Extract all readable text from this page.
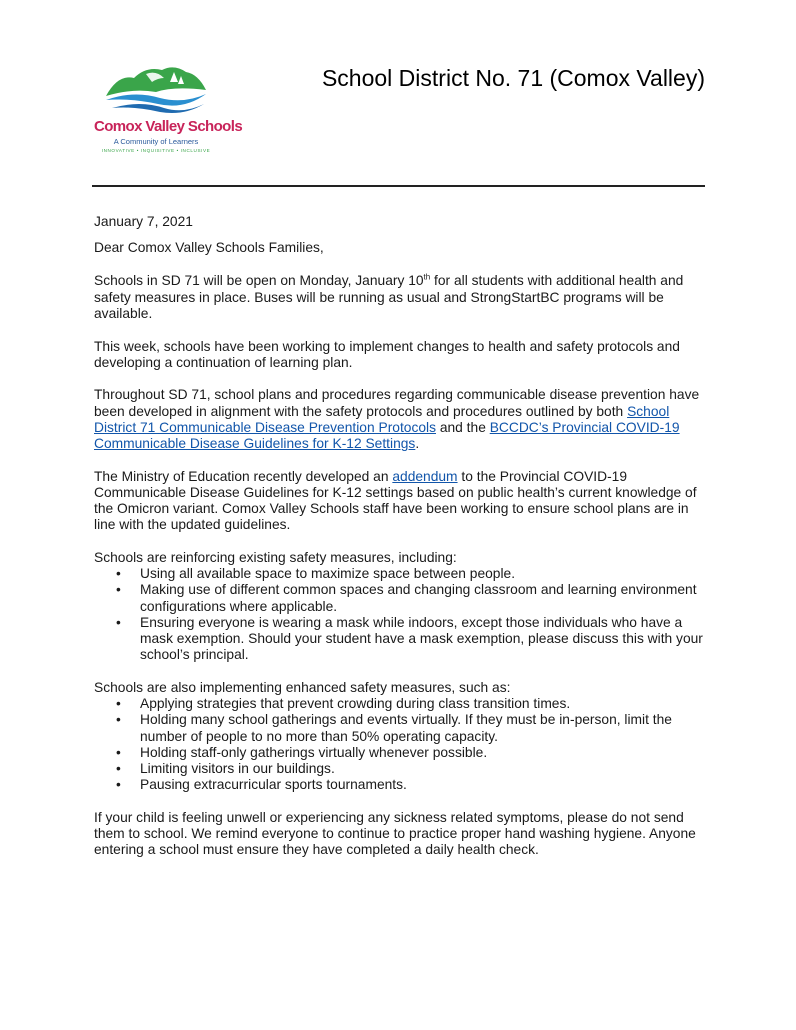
Comox Valley Schools
A Community of Learners
INNOVATIVE • INQUISITIVE • INCLUSIVE
School District No. 71 (Comox Valley)

January 7, 2021

Dear Comox Valley Schools Families,

Schools in SD 71 will be open on Monday, January 10th for all students with additional health and safety measures in place. Buses will be running as usual and StrongStartBC programs will be available.

This week, schools have been working to implement changes to health and safety protocols and developing a continuation of learning plan.

Throughout SD 71, school plans and procedures regarding communicable disease prevention have been developed in alignment with the safety protocols and procedures outlined by both School District 71 Communicable Disease Prevention Protocols and the BCCDC’s Provincial COVID-19 Communicable Disease Guidelines for K-12 Settings.

The Ministry of Education recently developed an addendum to the Provincial COVID-19 Communicable Disease Guidelines for K-12 settings based on public health’s current knowledge of the Omicron variant. Comox Valley Schools staff have been working to ensure school plans are in line with the updated guidelines.

Schools are reinforcing existing safety measures, including:

• Using all available space to maximize space between people.
• Making use of different common spaces and changing classroom and learning environment configurations where applicable.
• Ensuring everyone is wearing a mask while indoors, except those individuals who have a mask exemption. Should your student have a mask exemption, please discuss this with your school’s principal.

Schools are also implementing enhanced safety measures, such as:

• Applying strategies that prevent crowding during class transition times.
• Holding many school gatherings and events virtually. If they must be in-person, limit the number of people to no more than 50% operating capacity.
• Holding staff-only gatherings virtually whenever possible.
• Limiting visitors in our buildings.
• Pausing extracurricular sports tournaments.

If your child is feeling unwell or experiencing any sickness related symptoms, please do not send them to school. We remind everyone to continue to practice proper hand washing hygiene. Anyone entering a school must ensure they have completed a daily health check.
